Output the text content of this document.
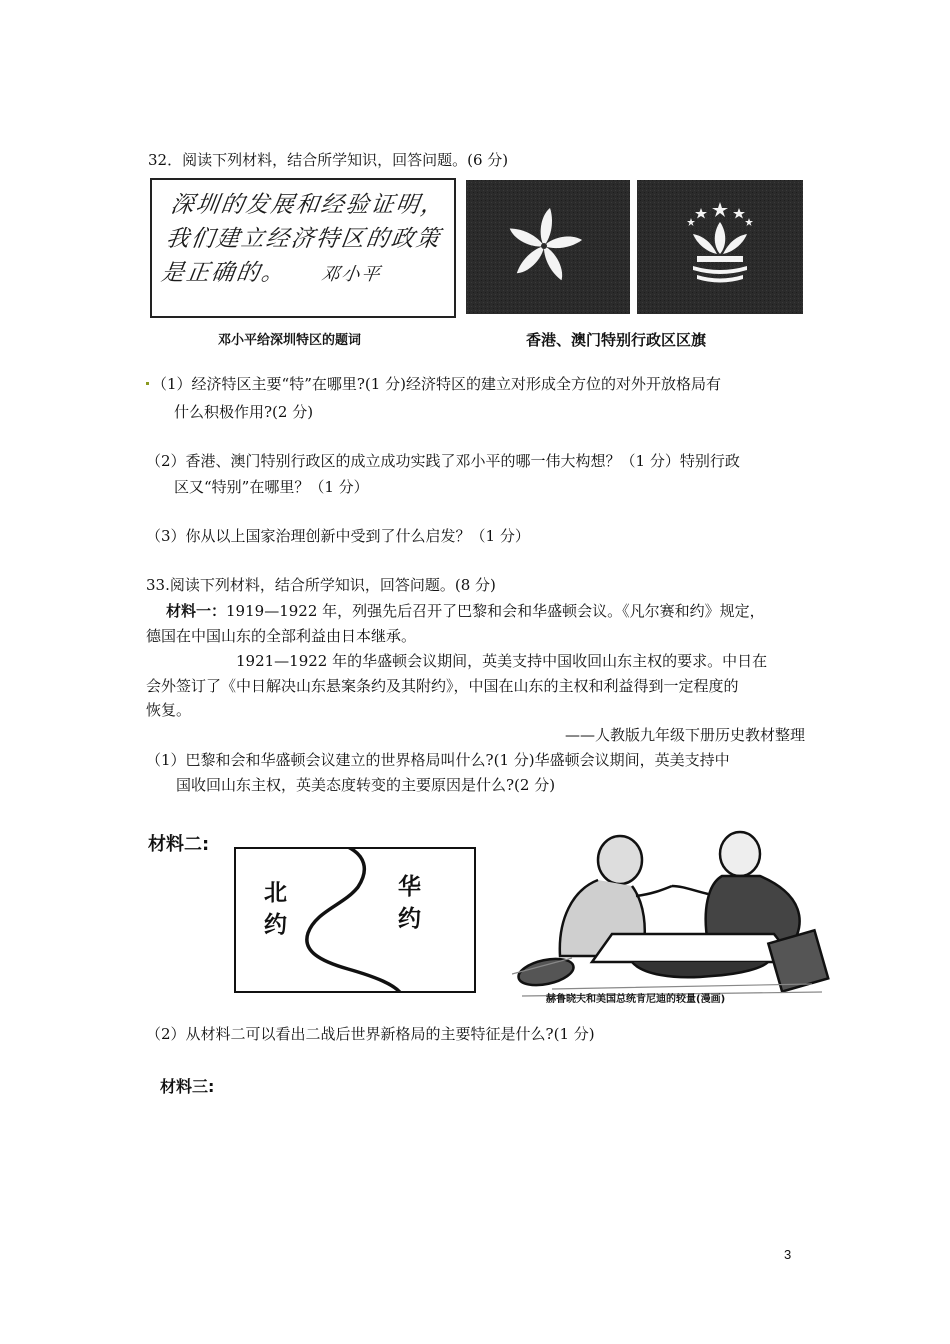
32．阅读下列材料，结合所学知识，回答问题。(6 分)
深圳的发展和经验证明，
我们建立经济特区的政策
是正确的。 邓小平
邓小平给深圳特区的题词	香港、澳门特别行政区区旗
（1）经济特区主要“特”在哪里?(1 分)经济特区的建立对形成全方位的对外开放格局有
什么积极作用?(2 分)
（2）香港、澳门特别行政区的成立成功实践了邓小平的哪一伟大构想？（1 分）特别行政
区又“特别”在哪里？（1 分）
（3）你从以上国家治理创新中受到了什么启发？（1 分）
33.阅读下列材料，结合所学知识，回答问题。(8 分)
材料一：1919—1922 年，列强先后召开了巴黎和会和华盛顿会议。《凡尔赛和约》规定，
德国在中国山东的全部利益由日本继承。
1921—1922 年的华盛顿会议期间，英美支持中国收回山东主权的要求。中日在
会外签订了《中日解决山东悬案条约及其附约》，中国在山东的主权和利益得到一定程度的
恢复。
——人教版九年级下册历史教材整理
（1）巴黎和会和华盛顿会议建立的世界格局叫什么?(1 分)华盛顿会议期间，英美支持中
国收回山东主权，英美态度转变的主要原因是什么?(2 分)
材料二:
北
约
华
约
赫鲁晓夫和美国总统肯尼迪的较量(漫画)
（2）从材料二可以看出二战后世界新格局的主要特征是什么?(1 分)
材料三:
3
